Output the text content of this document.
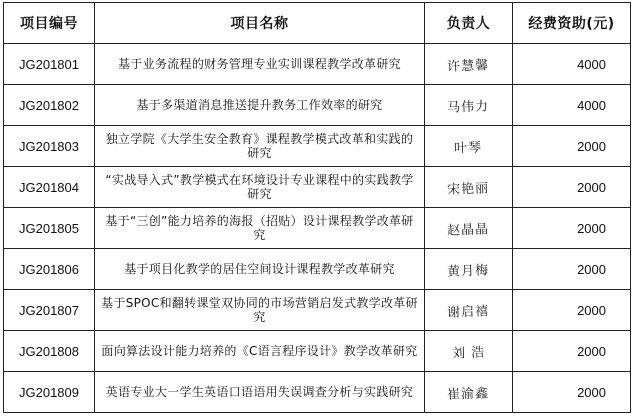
项目编号	项目名称	负责人	经费资助(元)
JG201801	基于业务流程的财务管理专业实训课程教学改革研究	许慧馨	4000
JG201802	基于多渠道消息推送提升教务工作效率的研究	马伟力	4000
JG201803	独立学院《大学生安全教育》课程教学模式改革和实践的研究	叶琴	2000
JG201804	“实战导入式”教学模式在环境设计专业课程中的实践教学研究	宋艳丽	2000
JG201805	基于“三创”能力培养的海报（招贴）设计课程教学改革研究	赵晶晶	2000
JG201806	基于项目化教学的居住空间设计课程教学改革研究	黄月梅	2000
JG201807	基于SPOC和翻转课堂双协同的市场营销启发式教学改革研究	谢启禧	2000
JG201808	面向算法设计能力培养的《C语言程序设计》教学改革研究	刘 浩	2000
JG201809	英语专业大一学生英语口语语用失误调查分析与实践研究	崔渝鑫	2000
